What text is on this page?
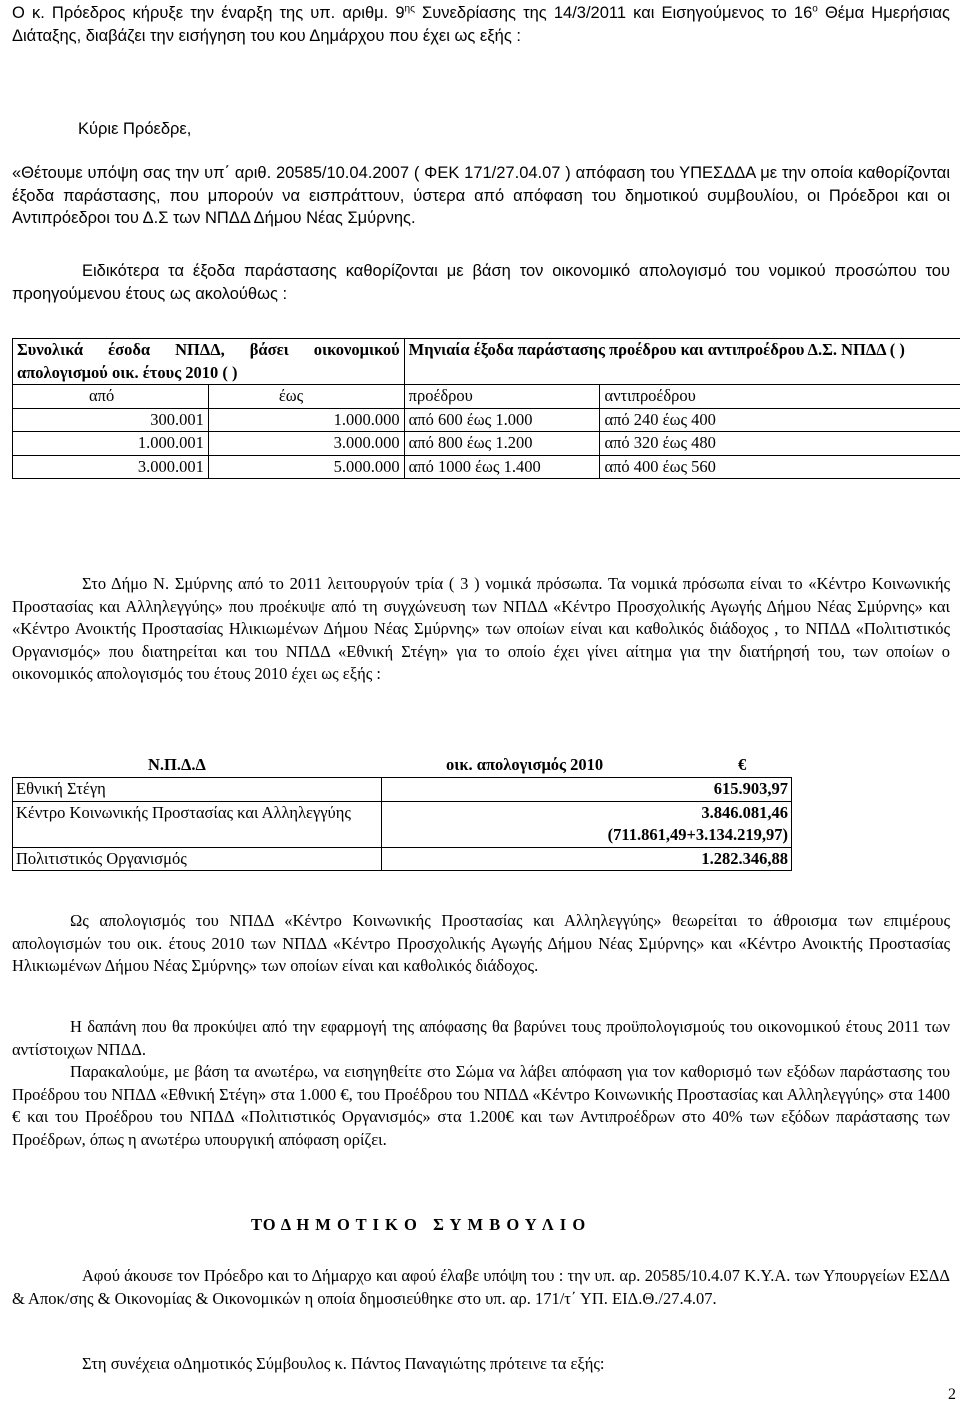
Ο κ. Πρόεδρος κήρυξε την έναρξη της υπ. αριθμ. $9^{\eta\varsigma}$ Συνεδρίασης της 14/3/2011 και Εισηγούμενος το $16^o$ Θέμα Ημερήσιας Διάταξης, διαβάζει την εισήγηση του κου Δημάρχου που έχει ως εξής :

Κύριε Πρόεδρε,

«Θέτουμε υπόψη σας την υπ΄ αριθ. 20585/10.04.2007 ( ΦΕΚ 171/27.04.07 ) απόφαση του ΥΠΕΣΔΔΑ με την οποία καθορίζονται έξοδα παράστασης, που μπορούν να εισπράττουν, ύστερα από απόφαση του δημοτικού συμβουλίου, οι Πρόεδροι και οι Αντιπρόεδροι του Δ.Σ των ΝΠΔΔ Δήμου Νέας Σμύρνης.

Ειδικότερα τα έξοδα παράστασης καθορίζονται με βάση τον οικονομικό απολογισμό του νομικού προσώπου του προηγούμενου έτους ως ακολούθως :

Συνολικά έσοδα ΝΠΔΔ, βάσει οικονομικού απολογισμού οικ. έτους 2010 ( )		Μηνιαία έξοδα παράστασης προέδρου και αντιπροέδρου Δ.Σ. ΝΠΔΔ ( )	
από	έως	προέδρου	αντιπροέδρου
300.001	1.000.000	από 600 έως 1.000	από 240 έως 400
1.000.001	3.000.000	από 800 έως 1.200	από 320 έως 480
3.000.001	5.000.000	από 1000 έως 1.400	από 400 έως 560

Στο Δήμο Ν. Σμύρνης από το 2011 λειτουργούν τρία ( 3 ) νομικά πρόσωπα. Τα νομικά πρόσωπα είναι το «Κέντρο Κοινωνικής Προστασίας και Αλληλεγγύης» που προέκυψε από τη συγχώνευση των ΝΠΔΔ «Κέντρο Προσχολικής Αγωγής Δήμου Νέας Σμύρνης» και «Κέντρο Ανοικτής Προστασίας Ηλικιωμένων Δήμου Νέας Σμύρνης» των οποίων είναι και καθολικός διάδοχος , το ΝΠΔΔ «Πολιτιστικός Οργανισμός» που διατηρείται και του ΝΠΔΔ «Εθνική Στέγη» για το οποίο έχει γίνει αίτημα για την διατήρησή του, των οποίων ο οικονομικός απολογισμός του έτους 2010 έχει ως εξής :

Ν.Π.Δ.Δ	οικ. απολογισμός 2010	€
Εθνική Στέγη	615.903,97
Κέντρο Κοινωνικής Προστασίας και Αλληλεγγύης	3.846.081,46
(711.861,49+3.134.219,97)

Πολιτιστικός Οργανισμός	1.282.346,88

Ως απολογισμός του ΝΠΔΔ «Κέντρο Κοινωνικής Προστασίας και Αλληλεγγύης» θεωρείται το άθροισμα των επιμέρους απολογισμών του οικ. έτους 2010 των ΝΠΔΔ «Κέντρο Προσχολικής Αγωγής Δήμου Νέας Σμύρνης» και «Κέντρο Ανοικτής Προστασίας Ηλικιωμένων Δήμου Νέας Σμύρνης» των οποίων είναι και καθολικός διάδοχος.

Η δαπάνη που θα προκύψει από την εφαρμογή της απόφασης θα βαρύνει τους προϋπολογισμούς του οικονομικού έτους 2011 των αντίστοιχων ΝΠΔΔ.

Παρακαλούμε, με βάση τα ανωτέρω, να εισηγηθείτε στο Σώμα να λάβει απόφαση για τον καθορισμό των εξόδων παράστασης του Προέδρου του ΝΠΔΔ «Εθνική Στέγη» στα 1.000 €, του Προέδρου του ΝΠΔΔ «Κέντρο Κοινωνικής Προστασίας και Αλληλεγγύης» στα 1400 € και του Προέδρου του ΝΠΔΔ «Πολιτιστικός Οργανισμός» στα 1.200€ και των Αντιπροέδρων στο 40% των εξόδων παράστασης των Προέδρων, όπως η ανωτέρω υπουργική απόφαση ορίζει.

ΤΟ Δ Η Μ Ο Τ Ι Κ Ο   Σ Υ Μ Β Ο Υ Λ Ι Ο

Αφού άκουσε τον Πρόεδρο και το Δήμαρχο και αφού έλαβε υπόψη του : την υπ. αρ. 20585/10.4.07 Κ.Υ.Α. των Υπουργείων ΕΣΔΔ & Αποκ/σης & Οικονομίας & Οικονομικών η οποία δημοσιεύθηκε στο υπ. αρ. 171/τ΄ ΥΠ. ΕΙΔ.Θ./27.4.07.

Στη συνέχεια οΔημοτικός Σύμβουλος κ. Πάντος Παναγιώτης πρότεινε τα εξής:

2
